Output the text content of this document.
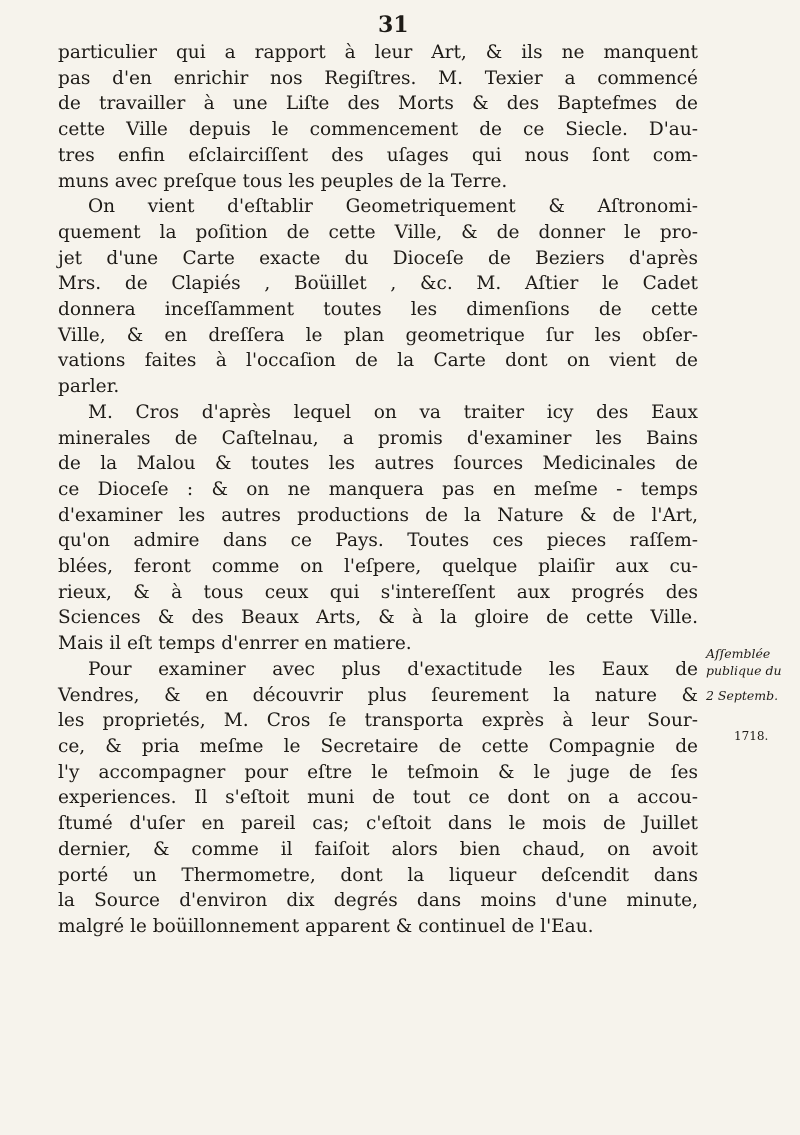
31
particulier qui a rapport à leur Art, & ils ne manquent
pas d'en enrichir nos Regiſtres. M. Texier a commencé
de travailler à une Liſte des Morts & des Baptefmes de
cette Ville depuis le commencement de ce Siecle. D'au-
tres enfin eſclairciſſent des uſages qui nous ſont com-
muns avec preſque tous les peuples de la Terre.
On vient d'eſtablir Geometriquement & Aſtronomi-
quement la poſition de cette Ville, & de donner le pro-
jet d'une Carte exacte du Dioceſe de Beziers d'après
Mrs. de Clapiés , Boüillet , &c. M. Aſtier le Cadet
donnera inceſſamment toutes les dimenſions de cette
Ville, & en dreſſera le plan geometrique ſur les obſer-
vations faites à l'occaſion de la Carte dont on vient de
parler.
M. Cros d'après lequel on va traiter icy des Eaux
minerales de Caſtelnau, a promis d'examiner les Bains
de la Malou & toutes les autres ſources Medicinales de
ce Dioceſe : & on ne manquera pas en meſme - temps
d'examiner les autres productions de la Nature & de l'Art,
qu'on admire dans ce Pays. Toutes ces pieces raſſem-
blées, feront comme on l'eſpere, quelque plaiſir aux cu-
rieux, & à tous ceux qui s'intereſſent aux progrés des
Sciences & des Beaux Arts, & à la gloire de cette Ville.
Mais il eſt temps d'enrrer en matiere.
Pour examiner avec plus d'exactitude les Eaux de
Vendres, & en découvrir plus ſeurement la nature &
les proprietés, M. Cros ſe transporta exprès à leur Sour-
ce, & pria meſme le Secretaire de cette Compagnie de
l'y accompagner pour eſtre le teſmoin & le juge de ſes
experiences. Il s'eſtoit muni de tout ce dont on a accou-
ſtumé d'uſer en pareil cas; c'eſtoit dans le mois de Juillet
dernier, & comme il faiſoit alors bien chaud, on avoit
porté un Thermometre, dont la liqueur deſcendit dans
la Source d'environ dix degrés dans moins d'une minute,
malgré le boüillonnement apparent & continuel de l'Eau.
Aſſemblée
publique du
2 Septemb.
1718.
